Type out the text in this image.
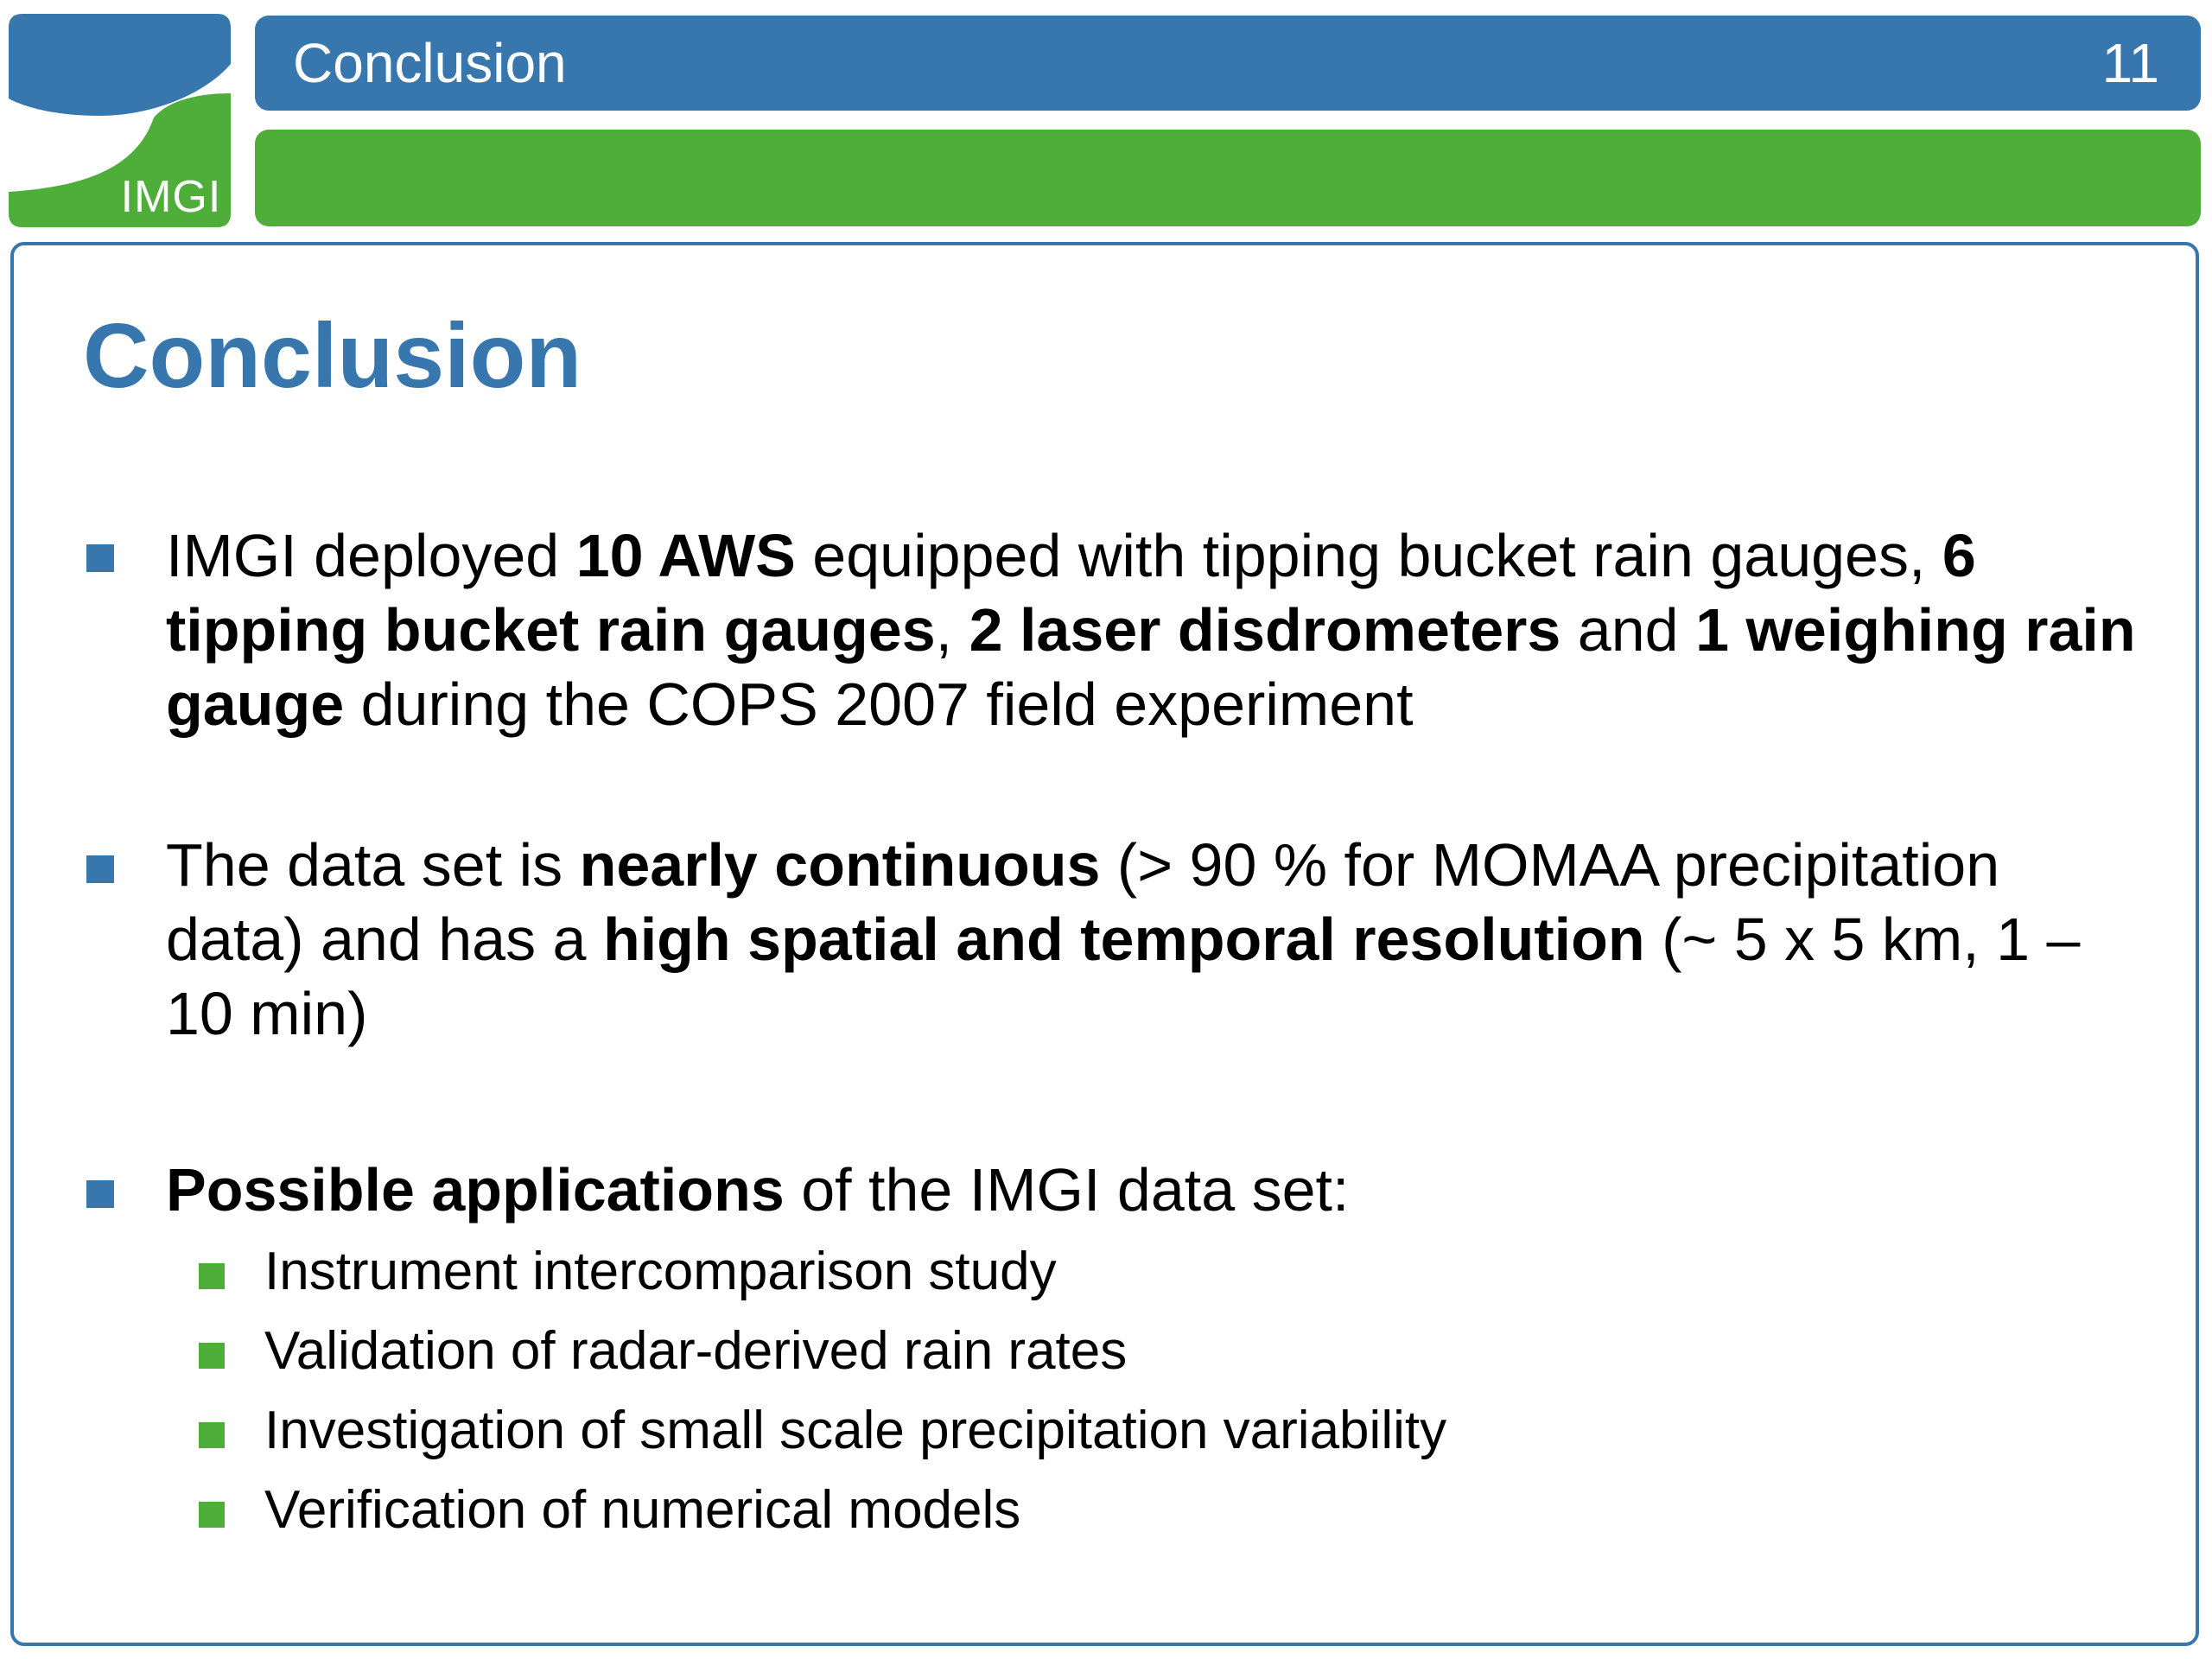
IMGI
Conclusion	11
Conclusion
IMGI deployed 10 AWS equipped with tipping bucket rain gauges, 6 tipping bucket rain gauges, 2 laser disdrometers and 1 weighing rain gauge during the COPS 2007 field experiment
The data set is nearly continuous (> 90 % for MOMAA precipitation data) and has a high spatial and temporal resolution (~ 5 x 5 km, 1 – 10 min)
Possible applications of the IMGI data set:
Instrument intercomparison study
Validation of radar-derived rain rates
Investigation of small scale precipitation variability
Verification of numerical models
